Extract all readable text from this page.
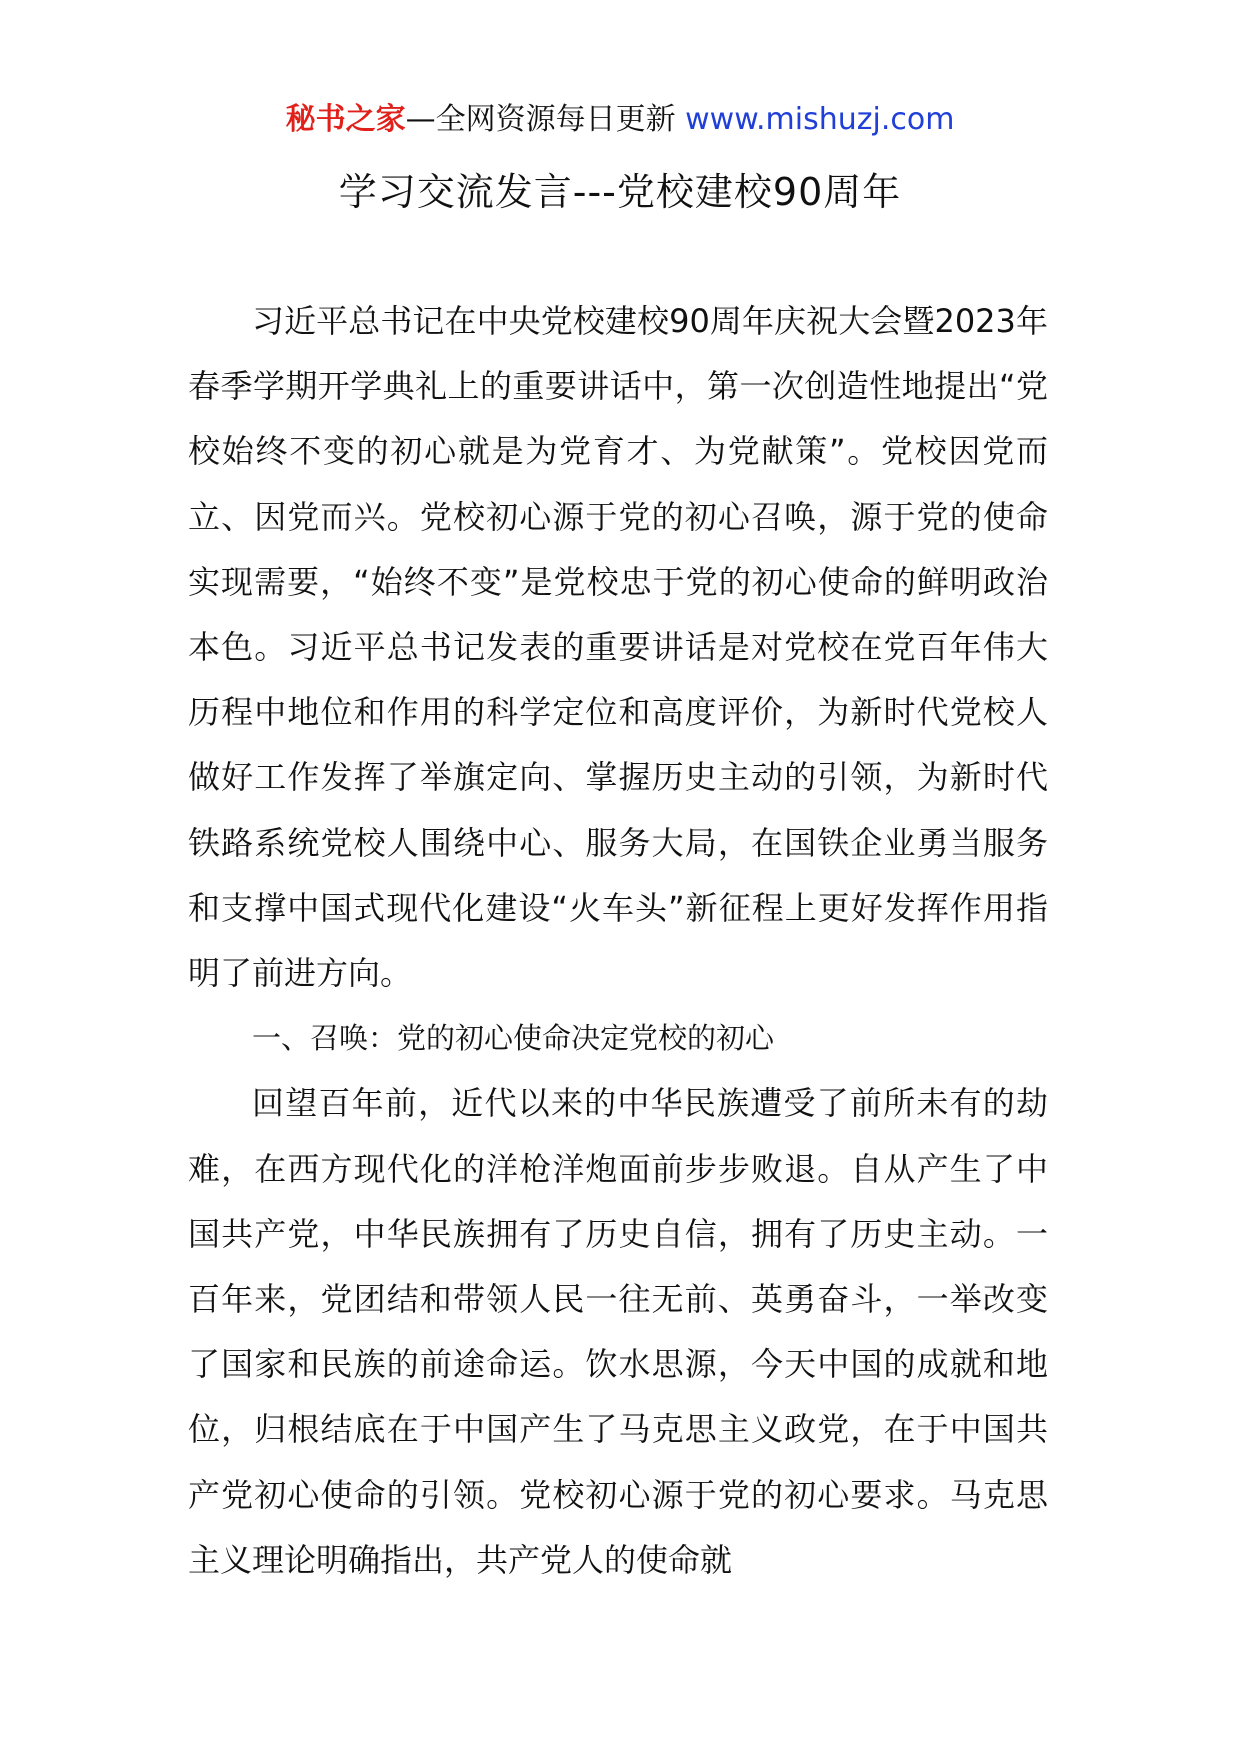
秘书之家—全网资源每日更新 www.mishuzj.com
学习交流发言---党校建校90周年

习近平总书记在中央党校建校90周年庆祝大会暨2023年春季学期开学典礼上的重要讲话中，第一次创造性地提出“党校始终不变的初心就是为党育才、为党献策”。党校因党而立、因党而兴。党校初心源于党的初心召唤，源于党的使命实现需要，“始终不变”是党校忠于党的初心使命的鲜明政治本色。习近平总书记发表的重要讲话是对党校在党百年伟大历程中地位和作用的科学定位和高度评价，为新时代党校人做好工作发挥了举旗定向、掌握历史主动的引领，为新时代铁路系统党校人围绕中心、服务大局，在国铁企业勇当服务和支撑中国式现代化建设“火车头”新征程上更好发挥作用指明了前进方向。

一、召唤：党的初心使命决定党校的初心

回望百年前，近代以来的中华民族遭受了前所未有的劫难，在西方现代化的洋枪洋炮面前步步败退。自从产生了中国共产党，中华民族拥有了历史自信，拥有了历史主动。一百年来，党团结和带领人民一往无前、英勇奋斗，一举改变了国家和民族的前途命运。饮水思源，今天中国的成就和地位，归根结底在于中国产生了马克思主义政党，在于中国共产党初心使命的引领。党校初心源于党的初心要求。马克思主义理论明确指出，共产党人的使命就
